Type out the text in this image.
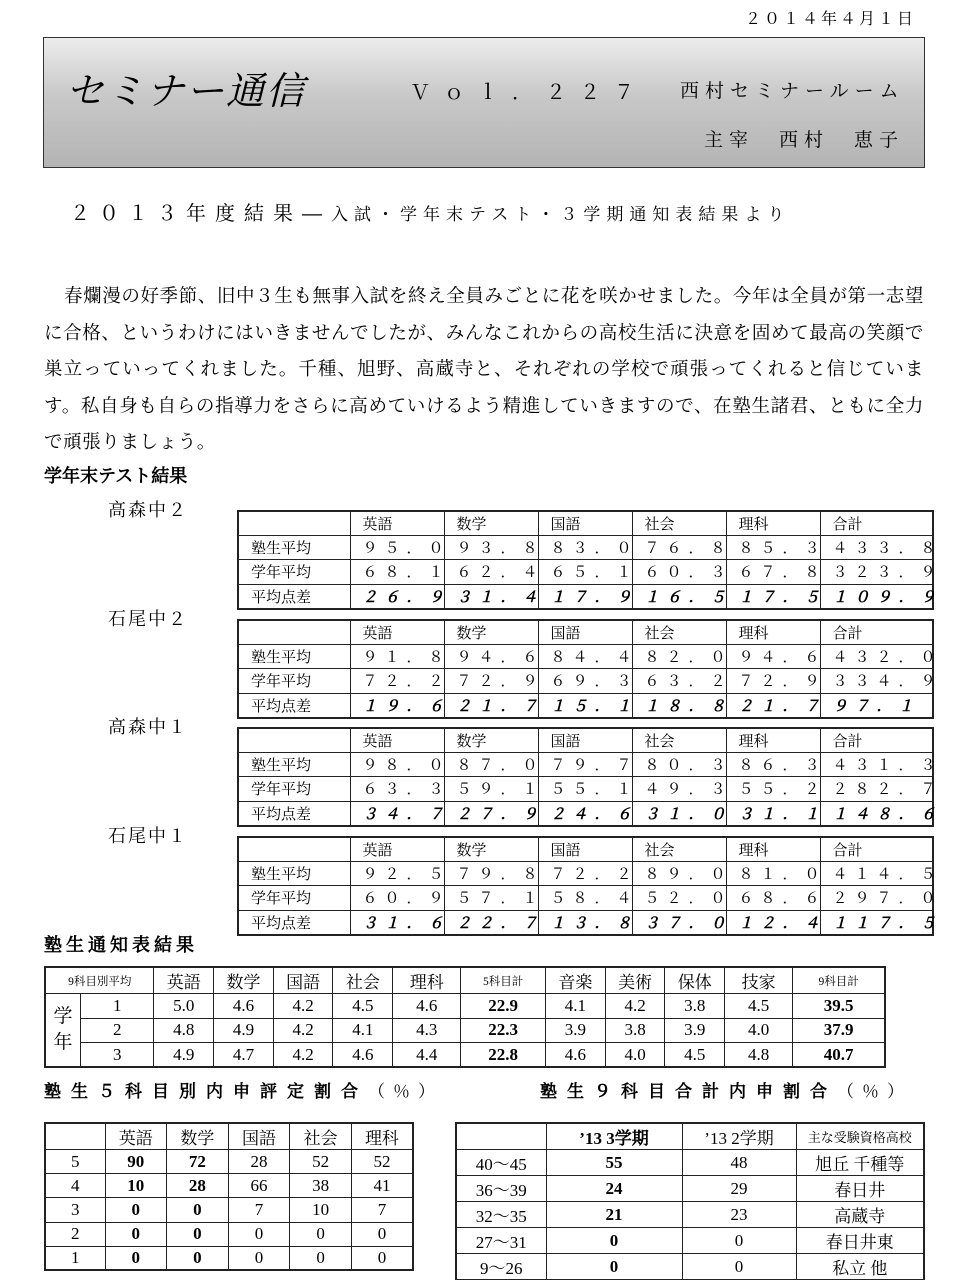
２０１４年４月１日
セミナー通信	Ｖｏｌ．２２７ 西村セミナールーム
主宰　西村　恵子
２０１３年度結果―入試・学年末テスト・３学期通知表結果より

春爛漫の好季節、旧中３生も無事入試を終え全員みごとに花を咲かせました。今年は全員が第一志望に合格、というわけにはいきませんでしたが、みんなこれからの高校生活に決意を固めて最高の笑顔で巣立っていってくれました。千種、旭野、高蔵寺と、それぞれの学校で頑張ってくれると信じています。私自身も自らの指導力をさらに高めていけるよう精進していきますので、在塾生諸君、ともに全力で頑張りましょう。

学年末テスト結果
高森中２
	英語	数学	国語	社会	理科	合計
塾生平均	９５．０	９３．８	８３．０	７６．８	８５．３	４３３．８
学年平均	６８．１	６２．４	６５．１	６０．３	６７．８	３２３．９
平均点差	２６．９	３１．４	１７．９	１６．５	１７．５	１０９．９
石尾中２
	英語	数学	国語	社会	理科	合計
塾生平均	９１．８	９４．６	８４．４	８２．０	９４．６	４３２．０
学年平均	７２．２	７２．９	６９．３	６３．２	７２．９	３３４．９
平均点差	１９．６	２１．７	１５．１	１８．８	２１．７	９７．１
高森中１
	英語	数学	国語	社会	理科	合計
塾生平均	９８．０	８７．０	７９．７	８０．３	８６．３	４３１．３
学年平均	６３．３	５９．１	５５．１	４９．３	５５．２	２８２．７
平均点差	３４．７	２７．９	２４．６	３１．０	３１．１	１４８．６
石尾中１
	英語	数学	国語	社会	理科	合計
塾生平均	９２．５	７９．８	７２．２	８９．０	８１．０	４１４．５
学年平均	６０．９	５７．１	５８．４	５２．０	６８．６	２９７．０
平均点差	３１．６	２２．７	１３．８	３７．０	１２．４	１１７．５
塾生通知表結果
9科目別平均		英語	数学	国語	社会	理科	5科目計	音楽	美術	保体	技家	9科目計

学
年	1	5.0	4.6	4.2	4.5	4.6	22.9	4.1	4.2	3.8	4.5	39.5
	2	4.8	4.9	4.2	4.1	4.3	22.3	3.9	3.8	3.9	4.0	37.9
	3	4.9	4.7	4.2	4.6	4.4	22.8	4.6	4.0	4.5	4.8	40.7
塾生５科目別内申評定割合（％）	塾生９科目合計内申割合（％）
	英語	数学	国語	社会	理科
5	90	72	28	52	52
4	10	28	66	38	41
3	0	0	7	10	7
2	0	0	0	0	0
1	0	0	0	0	0
	’13 3学期	’13 2学期	主な受験資格高校
40～45	55	48	旭丘 千種等
36～39	24	29	春日井
32～35	21	23	高蔵寺
27～31	0	0	春日井東
9～26	0	0	私立 他
